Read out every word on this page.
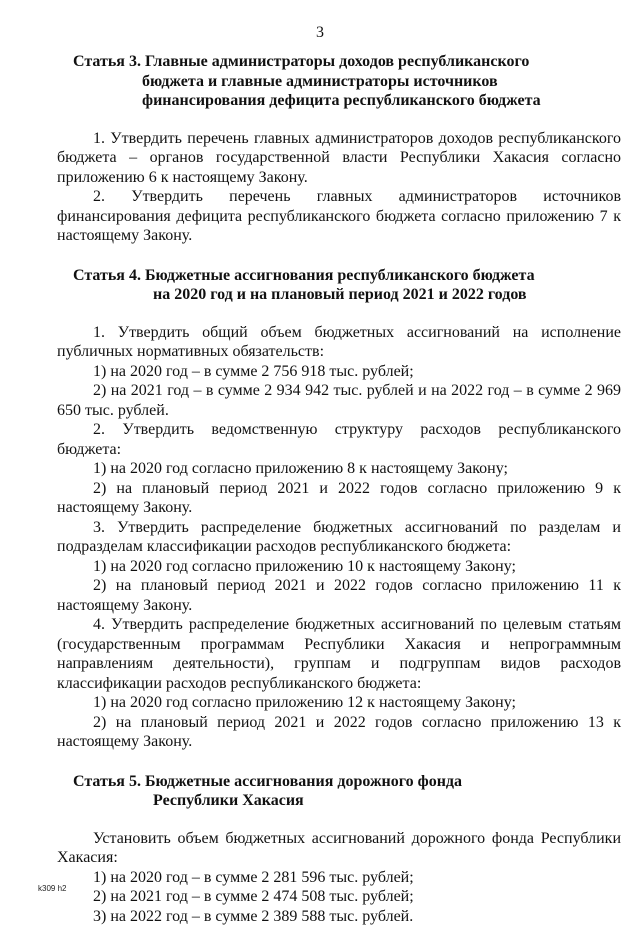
3
Статья 3. Главные администраторы доходов республиканского
бюджета и главные администраторы источников
финансирования дефицита республиканского бюджета

1. Утвердить перечень главных администраторов доходов республиканского бюджета – органов государственной власти Республики Хакасия согласно приложению 6 к настоящему Закону.

2. Утвердить перечень главных администраторов источников финансирования дефицита республиканского бюджета согласно приложению 7 к настоящему Закону.

Статья 4. Бюджетные ассигнования республиканского бюджета
на 2020 год и на плановый период 2021 и 2022 годов

1. Утвердить общий объем бюджетных ассигнований на исполнение публичных нормативных обязательств:

1) на 2020 год – в сумме 2 756 918 тыс. рублей;

2) на 2021 год – в сумме 2 934 942 тыс. рублей и на 2022 год – в сумме 2 969 650 тыс. рублей.

2. Утвердить ведомственную структуру расходов республиканского бюджета:

1) на 2020 год согласно приложению 8 к настоящему Закону;

2) на плановый период 2021 и 2022 годов согласно приложению 9 к настоящему Закону.

3. Утвердить распределение бюджетных ассигнований по разделам и подразделам классификации расходов республиканского бюджета:

1) на 2020 год согласно приложению 10 к настоящему Закону;

2) на плановый период 2021 и 2022 годов согласно приложению 11 к настоящему Закону.

4. Утвердить распределение бюджетных ассигнований по целевым статьям (государственным программам Республики Хакасия и непрограммным направлениям деятельности), группам и подгруппам видов расходов классификации расходов республиканского бюджета:

1) на 2020 год согласно приложению 12 к настоящему Закону;

2) на плановый период 2021 и 2022 годов согласно приложению 13 к настоящему Закону.

Статья 5. Бюджетные ассигнования дорожного фонда
Республики Хакасия

Установить объем бюджетных ассигнований дорожного фонда Республики Хакасия:

1) на 2020 год – в сумме 2 281 596 тыс. рублей;

2) на 2021 год – в сумме 2 474 508 тыс. рублей;

3) на 2022 год – в сумме 2 389 588 тыс. рублей.

k309 h2
